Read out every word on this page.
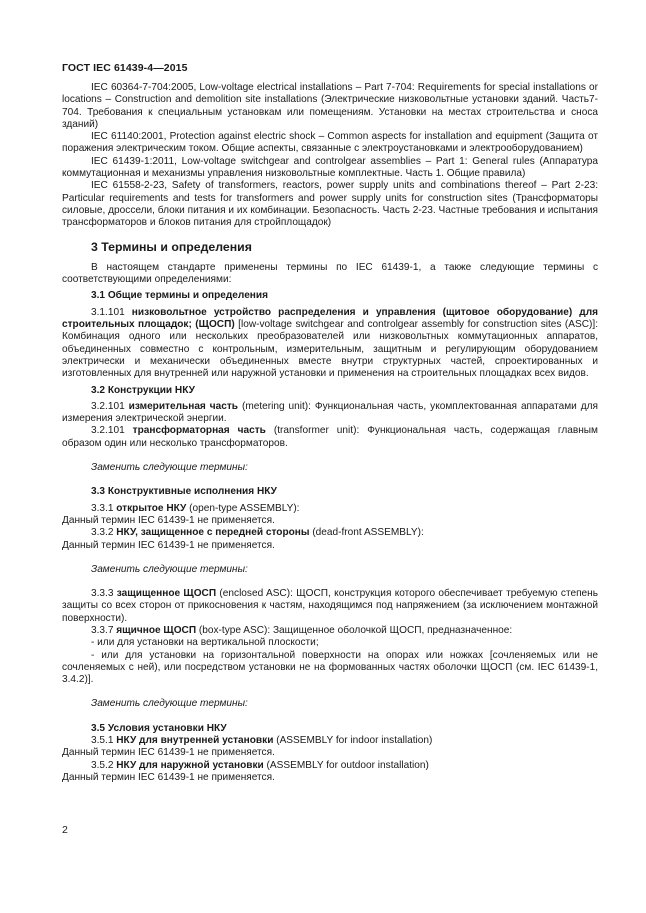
ГОСТ IEC 61439-4—2015

IEC 60364-7-704:2005, Low-voltage electrical installations – Part 7-704: Requirements for special installations or locations – Construction and demolition site installations (Электрические низковольтные установки зданий. Часть7-704. Требования к специальным установкам или помещениям. Установки на местах строительства и сноса зданий)

IEC 61140:2001, Protection against electric shock – Common aspects for installation and equipment (Защита от поражения электрическим током. Общие аспекты, связанные с электроустановками и электрооборудованием)

IEC 61439-1:2011, Low-voltage switchgear and controlgear assemblies – Part 1: General rules (Аппаратура коммутационная и механизмы управления низковольтные комплектные. Часть 1. Общие правила)

IEC 61558-2-23, Safety of transformers, reactors, power supply units and combinations thereof – Part 2-23: Particular requirements and tests for transformers and power supply units for construction sites (Трансформаторы силовые, дроссели, блоки питания и их комбинации. Безопасность. Часть 2-23. Частные требования и испытания трансформаторов и блоков питания для стройплощадок)

3 Термины и определения

В настоящем стандарте применены термины по IEC 61439-1, а также следующие термины с соответствующими определениями:

3.1 Общие термины и определения

3.1.101 низковольтное устройство распределения и управления (щитовое оборудование) для строительных площадок; (ЩОСП) [low-voltage switchgear and controlgear assembly for construction sites (ASC)]: Комбинация одного или нескольких преобразователей или низковольтных коммутационных аппаратов, объединенных совместно с контрольным, измерительным, защитным и регулирующим оборудованием электрически и механически объединенных вместе внутри структурных частей, спроектированных и изготовленных для внутренней или наружной установки и применения на строительных площадках всех видов.

3.2 Конструкции НКУ

3.2.101 измерительная часть (metering unit): Функциональная часть, укомплектованная аппаратами для измерения электрической энергии.

3.2.101 трансформаторная часть (transformer unit): Функциональная часть, содержащая главным образом один или несколько трансформаторов.

Заменить следующие термины:

3.3 Конструктивные исполнения НКУ

3.3.1 открытое НКУ (open-type ASSEMBLY):

Данный термин IEC 61439-1 не применяется.

3.3.2 НКУ, защищенное с передней стороны (dead-front ASSEMBLY):

Данный термин IEC 61439-1 не применяется.

Заменить следующие термины:

3.3.3 защищенное ЩОСП (enclosed ASC): ЩОСП, конструкция которого обеспечивает требуемую степень защиты со всех сторон от прикосновения к частям, находящимся под напряжением (за исключением монтажной поверхности).

3.3.7 ящичное ЩОСП (box-type ASC): Защищенное оболочкой ЩОСП, предназначенное:

- или для установки на вертикальной плоскости;

- или для установки на горизонтальной поверхности на опорах или ножках [сочленяемых или не сочленяемых с ней), или посредством установки не на формованных частях оболочки ЩОСП (см. IEC 61439-1, 3.4.2)].

Заменить следующие термины:

3.5 Условия установки НКУ

3.5.1 НКУ для внутренней установки (ASSEMBLY for indoor installation)

Данный термин IEC 61439-1 не применяется.

3.5.2 НКУ для наружной установки (ASSEMBLY for outdoor installation)

Данный термин IEC 61439-1 не применяется.

2
